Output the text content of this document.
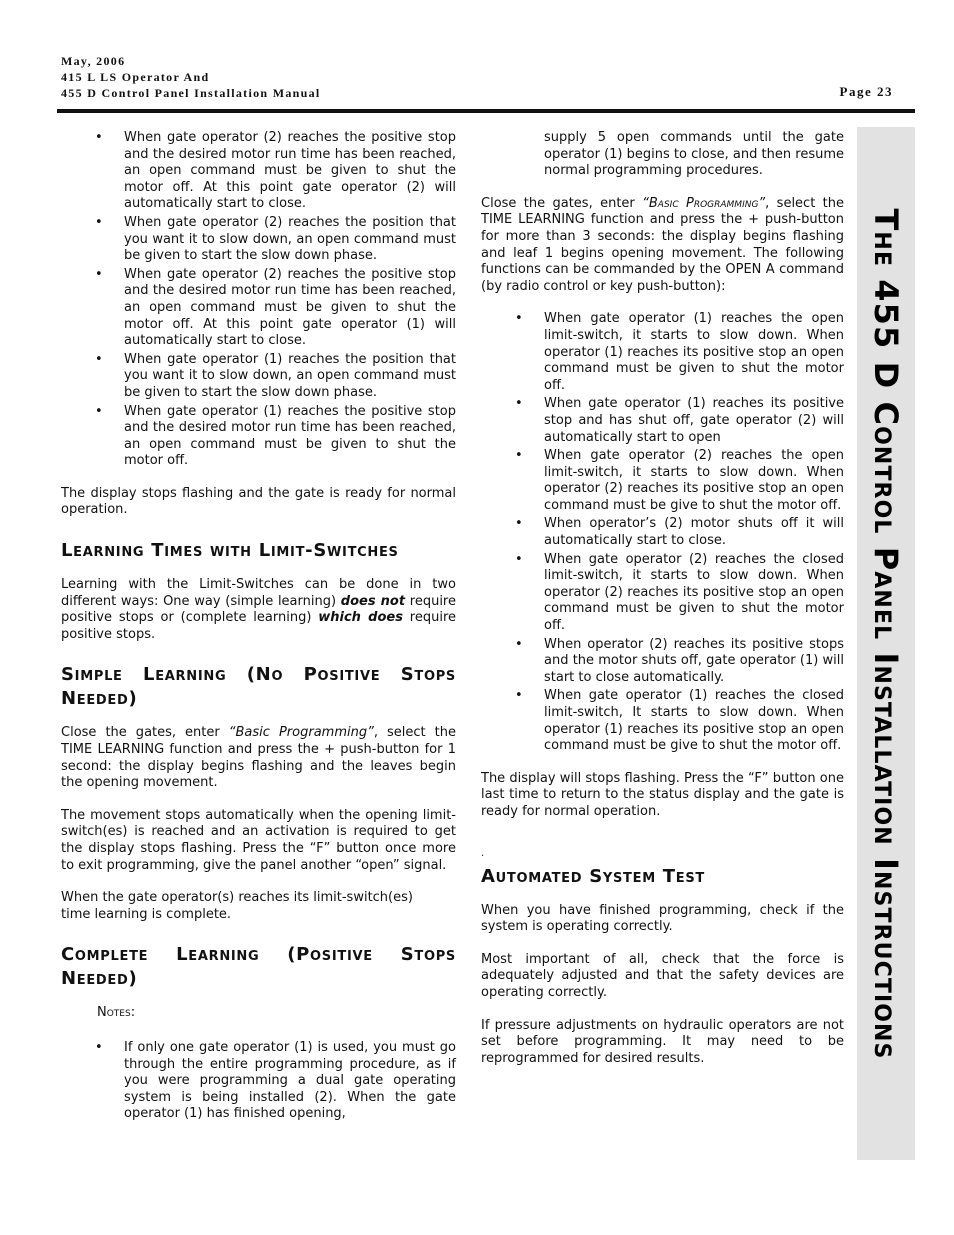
May, 2006
415 L LS Operator And
455 D Control Panel Installation Manual	Page 23
• When gate operator (2) reaches the positive stop and the desired motor run time has been reached, an open command must be given to shut the motor off. At this point gate operator (2) will automatically start to close.
• When gate operator (2) reaches the position that you want it to slow down, an open command must be given to start the slow down phase.
• When gate operator (2) reaches the positive stop and the desired motor run time has been reached, an open command must be given to shut the motor off. At this point gate operator (1) will automatically start to close.
• When gate operator (1) reaches the position that you want it to slow down, an open command must be given to start the slow down phase.
• When gate operator (1) reaches the positive stop and the desired motor run time has been reached, an open command must be given to shut the motor off.

The display stops flashing and the gate is ready for normal operation.

Learning Times with Limit-Switches

Learning with the Limit-Switches can be done in two different ways: One way (simple learning) does not require positive stops or (complete learning) which does require positive stops.

Simple Learning (No Positive Stops Needed)

Close the gates, enter “Basic Programming”, select the TIME LEARNING function and press the + push-button for 1 second: the display begins flashing and the leaves begin the opening movement.

The movement stops automatically when the opening limit-switch(es) is reached and an activation is required to get the display stops flashing. Press the “F” button once more to exit programming, give the panel another “open” signal.

When the gate operator(s) reaches its limit-switch(es)
time learning is complete.

Complete Learning (Positive Stops Needed)
Notes:
• If only one gate operator (1) is used, you must go through the entire programming procedure, as if you were programming a dual gate operating system is being installed (2). When the gate operator (1) has finished opening,
supply 5 open commands until the gate operator (1) begins to close, and then resume normal programming procedures.

Close the gates, enter “Basic Programming”, select the TIME LEARNING function and press the + push-button for more than 3 seconds: the display begins flashing and leaf 1 begins opening movement. The following functions can be commanded by the OPEN A command (by radio control or key push-button):

• When gate operator (1) reaches the open limit-switch, it starts to slow down. When operator (1) reaches its positive stop an open command must be given to shut the motor off.
• When gate operator (1) reaches its positive stop and has shut off, gate operator (2) will automatically start to open
• When gate operator (2) reaches the open limit-switch, it starts to slow down. When operator (2) reaches its positive stop an open command must be give to shut the motor off.
• When operator’s (2) motor shuts off it will automatically start to close.
• When gate operator (2) reaches the closed limit-switch, it starts to slow down. When operator (2) reaches its positive stop an open command must be given to shut the motor off.
• When operator (2) reaches its positive stops and the motor shuts off, gate operator (1) will start to close automatically.
• When gate operator (1) reaches the closed limit-switch, It starts to slow down. When operator (1) reaches its positive stop an open command must be give to shut the motor off.

The display will stops flashing. Press the “F” button one last time to return to the status display and the gate is ready for normal operation.

.
Automated System Test

When you have finished programming, check if the system is operating correctly.

Most important of all, check that the force is adequately adjusted and that the safety devices are operating correctly.

If pressure adjustments on hydraulic operators are not set before programming. It may need to be reprogrammed for desired results.	The 455 D Control Panel Installation Instructions
